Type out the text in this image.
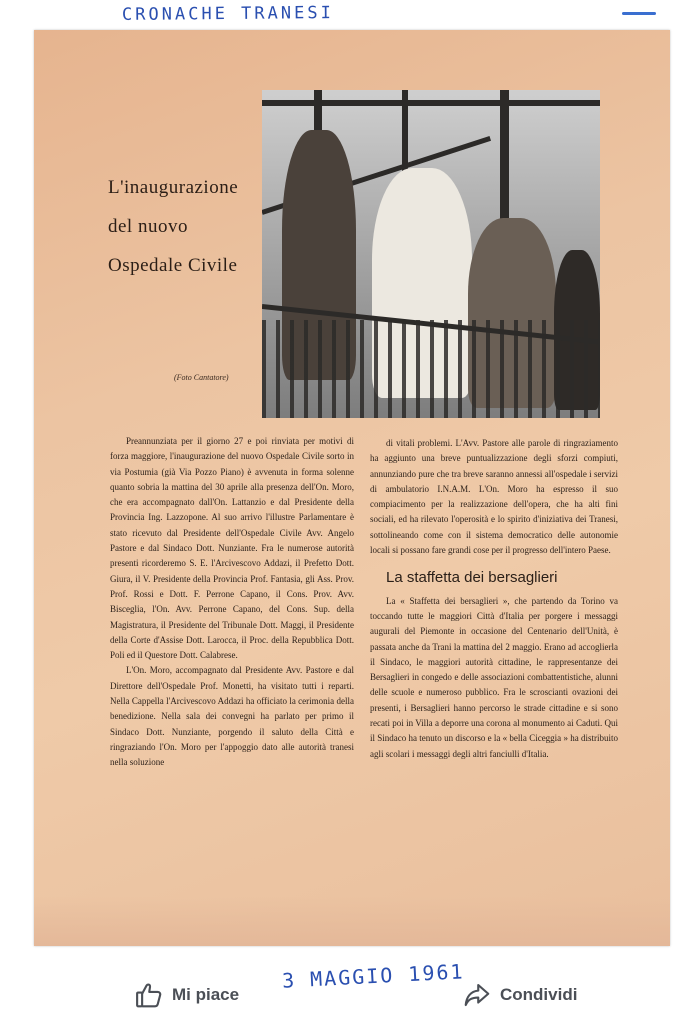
CRONACHE TRANESI
L'inaugurazione
del nuovo
Ospedale Civile
(Foto Cantatore)

Preannunziata per il giorno 27 e poi rinviata per motivi di forza maggiore, l'inaugurazione del nuovo Ospedale Civile sorto in via Postumia (già Via Pozzo Piano) è avvenuta in forma solenne quanto sobria la mattina del 30 aprile alla presenza dell'On. Moro, che era accompagnato dall'On. Lattanzio e dal Presidente della Provincia Ing. Lazzopone. Al suo arrivo l'illustre Parlamentare è stato ricevuto dal Presidente dell'Ospedale Civile Avv. Angelo Pastore e dal Sindaco Dott. Nunziante. Fra le numerose autorità presenti ricorderemo S. E. l'Arcivescovo Addazi, il Prefetto Dott. Giura, il V. Presidente della Provincia Prof. Fantasia, gli Ass. Prov. Prof. Rossi e Dott. F. Perrone Capano, il Cons. Prov. Avv. Bisceglia, l'On. Avv. Perrone Capano, del Cons. Sup. della Magistratura, il Presidente del Tribunale Dott. Maggi, il Presidente della Corte d'Assise Dott. Larocca, il Proc. della Repubblica Dott. Poli ed il Questore Dott. Calabrese.

L'On. Moro, accompagnato dal Presidente Avv. Pastore e dal Direttore dell'Ospedale Prof. Monetti, ha visitato tutti i reparti. Nella Cappella l'Arcivescovo Addazi ha officiato la cerimonia della benedizione. Nella sala dei convegni ha parlato per primo il Sindaco Dott. Nunziante, porgendo il saluto della Città e ringraziando l'On. Moro per l'appoggio dato alle autorità tranesi nella soluzione

di vitali problemi. L'Avv. Pastore alle parole di ringraziamento ha aggiunto una breve puntualizzazione degli sforzi compiuti, annunziando pure che tra breve saranno annessi all'ospedale i servizi di ambulatorio I.N.A.M. L'On. Moro ha espresso il suo compiacimento per la realizzazione dell'opera, che ha alti fini sociali, ed ha rilevato l'operosità e lo spirito d'iniziativa dei Tranesi, sottolineando come con il sistema democratico delle autonomie locali si possano fare grandi cose per il progresso dell'intero Paese.

La staffetta dei bersaglieri

La « Staffetta dei bersaglieri », che partendo da Torino va toccando tutte le maggiori Città d'Italia per porgere i messaggi augurali del Piemonte in occasione del Centenario dell'Unità, è passata anche da Trani la mattina del 2 maggio. Erano ad accoglierla il Sindaco, le maggiori autorità cittadine, le rappresentanze dei Bersaglieri in congedo e delle associazioni combattentistiche, alunni delle scuole e numeroso pubblico. Fra le scroscianti ovazioni dei presenti, i Bersaglieri hanno percorso le strade cittadine e si sono recati poi in Villa a deporre una corona al monumento ai Caduti. Qui il Sindaco ha tenuto un discorso e la « bella Ciceggia » ha distribuito agli scolari i messaggi degli altri fanciulli d'Italia.

3 MAGGIO 1961
Mi piace	Condividi
